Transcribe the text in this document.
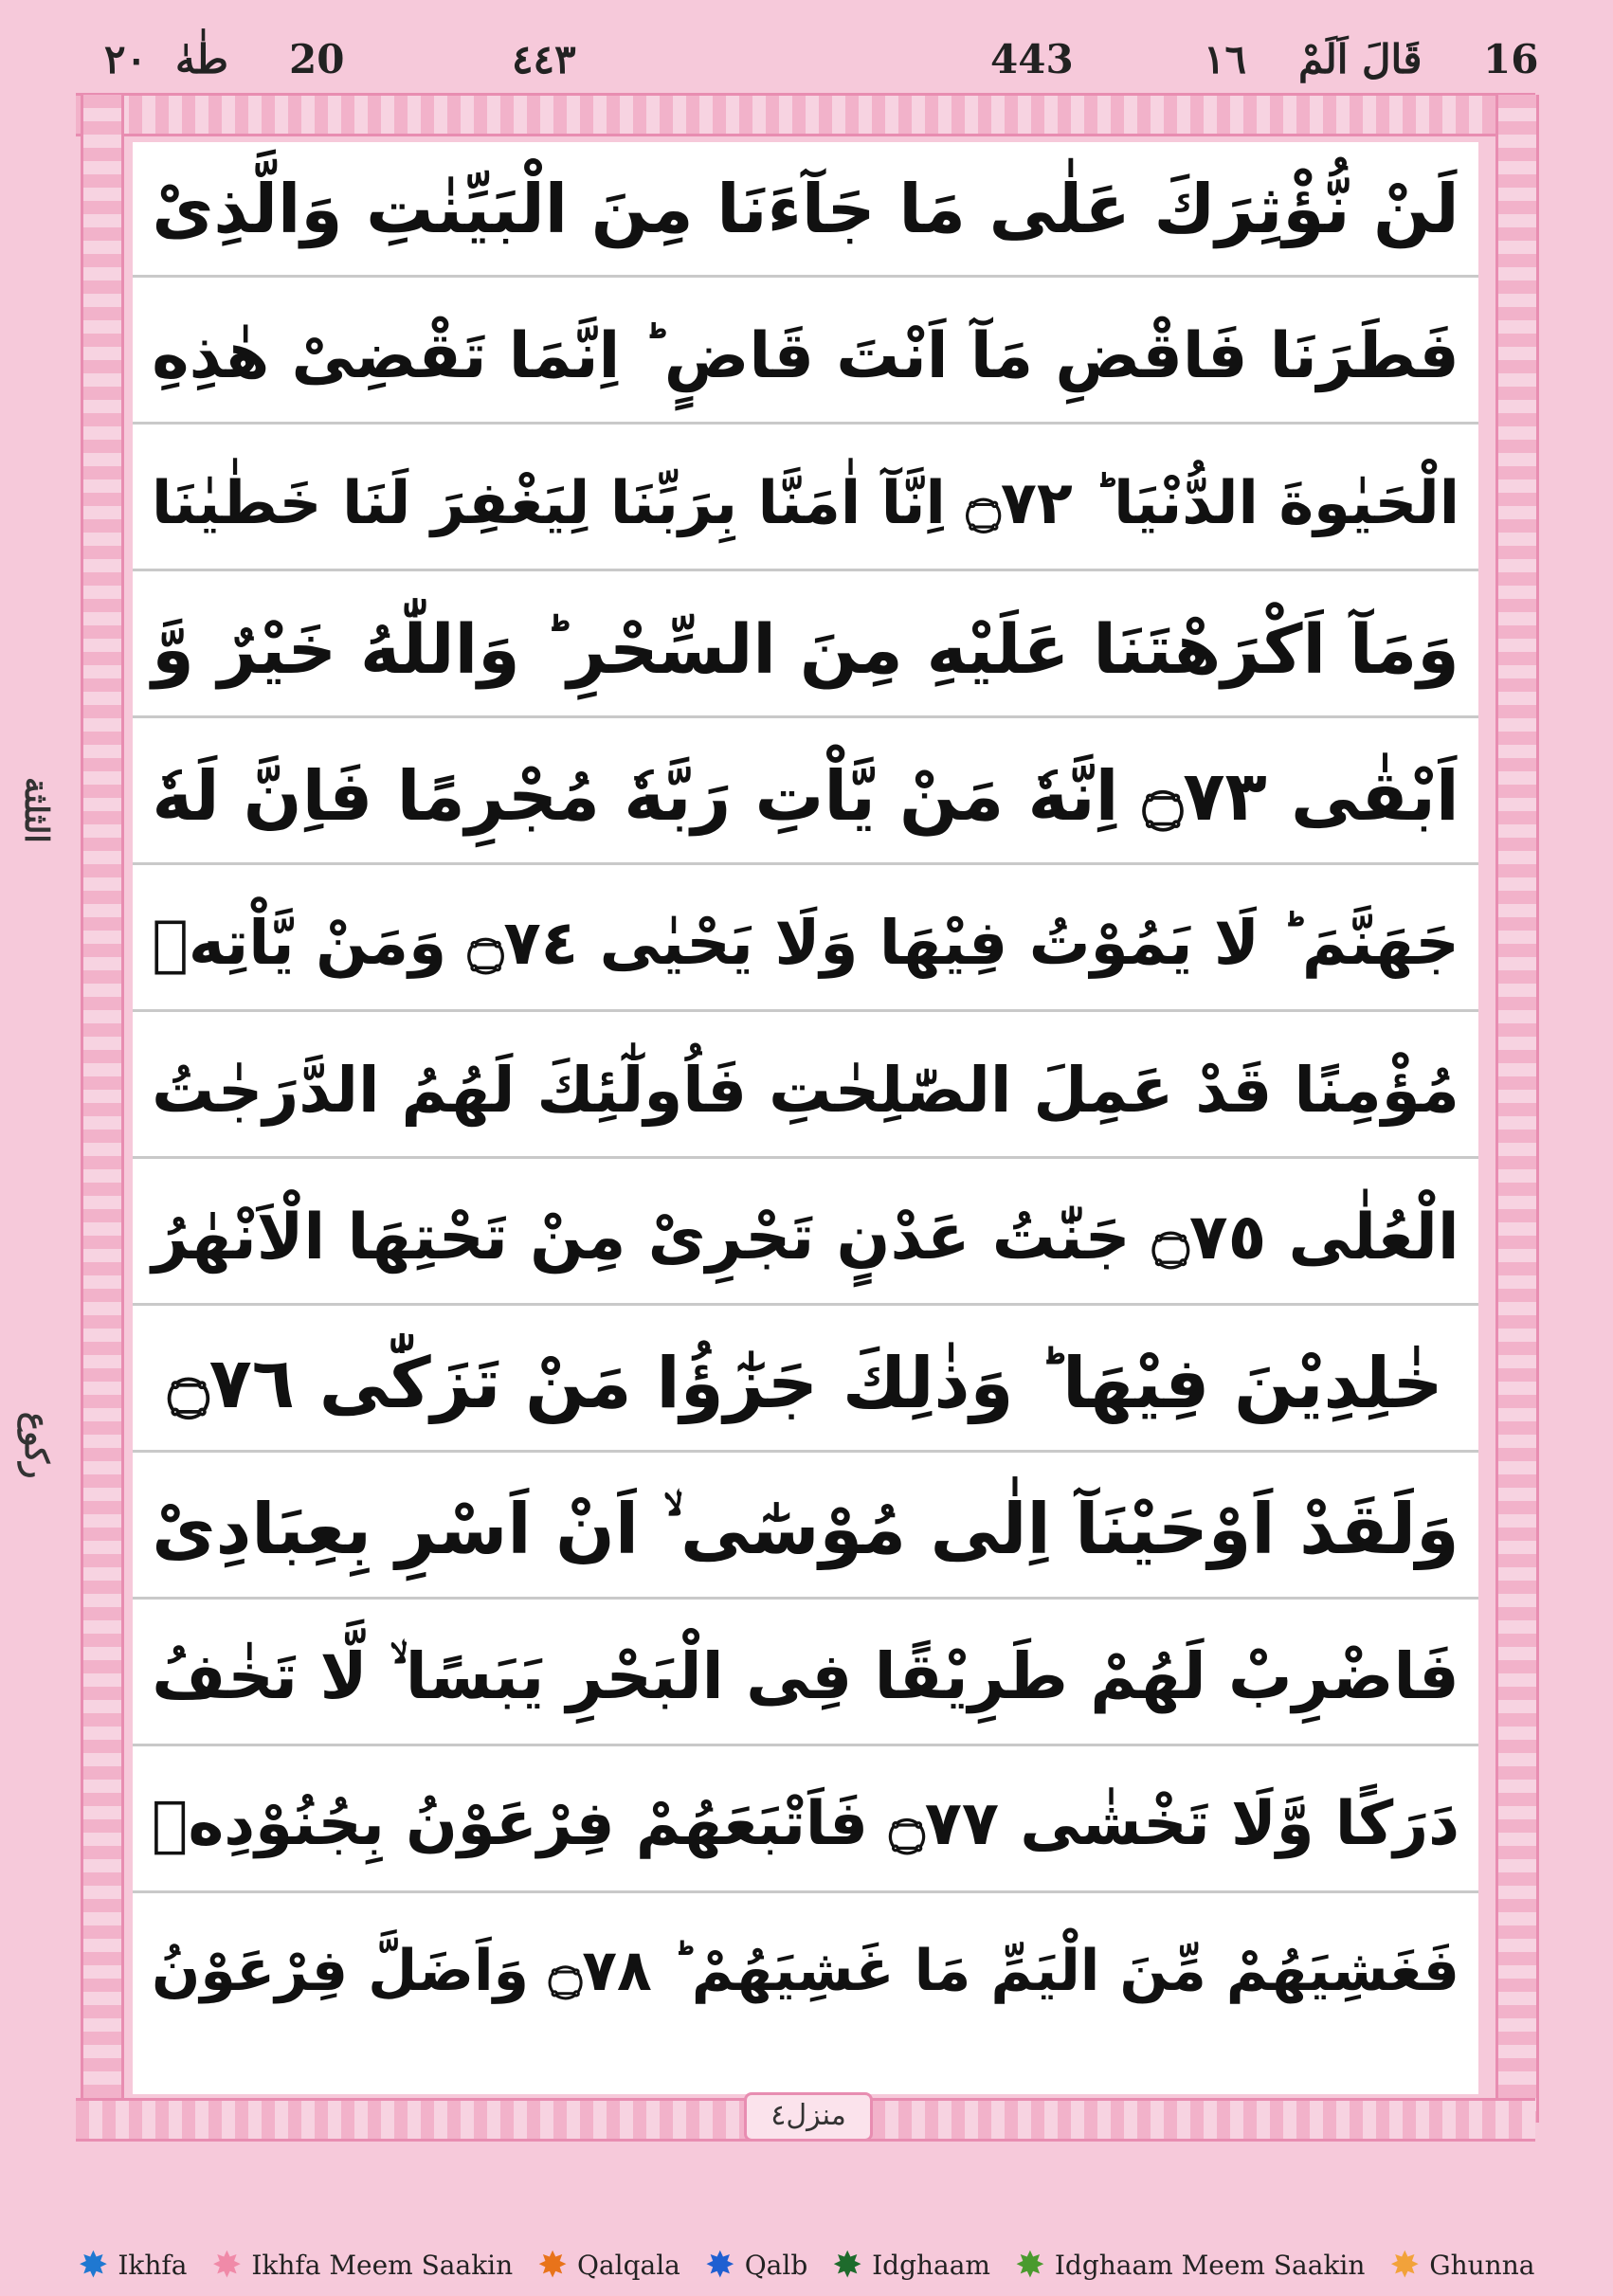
٢٠ طٰهٰ 20	٤٤٣	443	١٦ قَالَ اَلَمْ 16
الثلثة
ركوع
لَنْ نُّؤْثِرَكَ عَلٰى مَا جَآءَنَا مِنَ الْبَيِّنٰتِ وَالَّذِىْ
فَطَرَنَا فَاقْضِ مَآ اَنْتَ قَاضٍ ؕ اِنَّمَا تَقْضِىْ هٰذِهِ
الْحَيٰوةَ الدُّنْيَا ؕ ۝٧٢ اِنَّآ اٰمَنَّا بِرَبِّنَا لِيَغْفِرَ لَنَا خَطٰيٰنَا
وَمَآ اَكْرَهْتَنَا عَلَيْهِ مِنَ السِّحْرِ ؕ وَاللّٰهُ خَيْرٌ وَّ
اَبْقٰى ۝٧٣ اِنَّهٗ مَنْ يَّاْتِ رَبَّهٗ مُجْرِمًا فَاِنَّ لَهٗ
جَهَنَّمَ ؕ لَا يَمُوْتُ فِيْهَا وَلَا يَحْيٰى ۝٧٤ وَمَنْ يَّاْتِهٖ
مُؤْمِنًا قَدْ عَمِلَ الصّٰلِحٰتِ فَاُولٰٓئِكَ لَهُمُ الدَّرَجٰتُ
الْعُلٰى ۝٧٥ جَنّٰتُ عَدْنٍ تَجْرِىْ مِنْ تَحْتِهَا الْاَنْهٰرُ
خٰلِدِيْنَ فِيْهَا ؕ وَذٰلِكَ جَزٰٓؤُا مَنْ تَزَكّٰى ۝٧٦
وَلَقَدْ اَوْحَيْنَآ اِلٰى مُوْسٰٓى ۙ اَنْ اَسْرِ بِعِبَادِىْ
فَاضْرِبْ لَهُمْ طَرِيْقًا فِى الْبَحْرِ يَبَسًا ۙ لَّا تَخٰفُ
دَرَكًا وَّلَا تَخْشٰى ۝٧٧ فَاَتْبَعَهُمْ فِرْعَوْنُ بِجُنُوْدِهٖ
فَغَشِيَهُمْ مِّنَ الْيَمِّ مَا غَشِيَهُمْ ؕ ۝٧٨ وَاَضَلَّ فِرْعَوْنُ
منزل٤
✸ Ikhfa ✸ Ikhfa Meem Saakin ✸ Qalqala ✸ Qalb ✸ Idghaam ✸ Idghaam Meem Saakin ✸ Ghunna
